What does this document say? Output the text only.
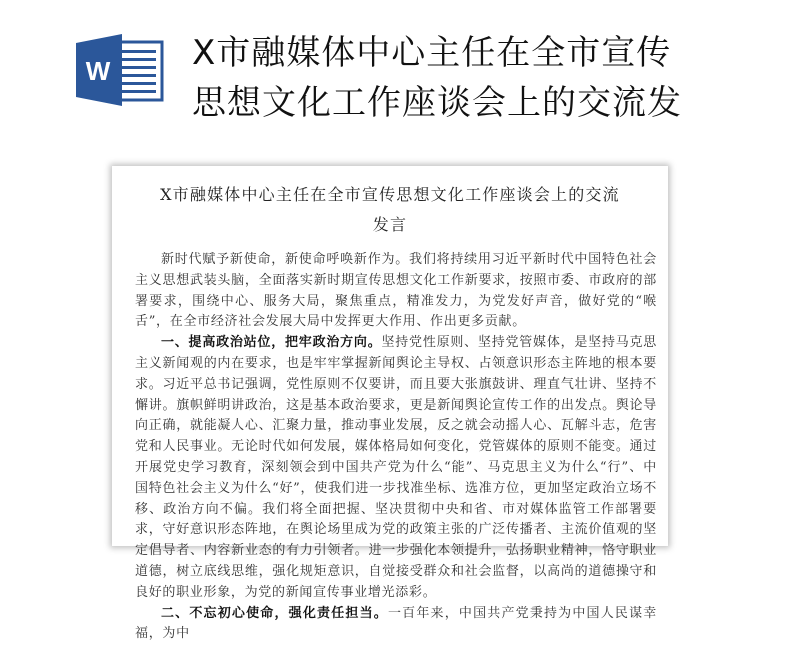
W X市融媒体中心主任在全市宣传
思想文化工作座谈会上的交流发
X市融媒体中心主任在全市宣传思想文化工作座谈会上的交流
发言

新时代赋予新使命，新使命呼唤新作为。我们将持续用习近平新时代中国特色社会主义思想武装头脑，全面落实新时期宣传思想文化工作新要求，按照市委、市政府的部署要求，围绕中心、服务大局，聚焦重点，精准发力，为党发好声音，做好党的“喉舌”，在全市经济社会发展大局中发挥更大作用、作出更多贡献。

一、提高政治站位，把牢政治方向。坚持党性原则、坚持党管媒体，是坚持马克思主义新闻观的内在要求，也是牢牢掌握新闻舆论主导权、占领意识形态主阵地的根本要求。习近平总书记强调，党性原则不仅要讲，而且要大张旗鼓讲、理直气壮讲、坚持不懈讲。旗帜鲜明讲政治，这是基本政治要求，更是新闻舆论宣传工作的出发点。舆论导向正确，就能凝人心、汇聚力量，推动事业发展，反之就会动摇人心、瓦解斗志，危害党和人民事业。无论时代如何发展，媒体格局如何变化，党管媒体的原则不能变。通过开展党史学习教育，深刻领会到中国共产党为什么“能”、马克思主义为什么“行”、中国特色社会主义为什么“好”，使我们进一步找准坐标、选准方位，更加坚定政治立场不移、政治方向不偏。我们将全面把握、坚决贯彻中央和省、市对媒体监管工作部署要求，守好意识形态阵地，在舆论场里成为党的政策主张的广泛传播者、主流价值观的坚定倡导者、内容新业态的有力引领者。进一步强化本领提升，弘扬职业精神，恪守职业道德，树立底线思维，强化规矩意识，自觉接受群众和社会监督，以高尚的道德操守和良好的职业形象，为党的新闻宣传事业增光添彩。

二、不忘初心使命，强化责任担当。一百年来，中国共产党秉持为中国人民谋幸福，为中
